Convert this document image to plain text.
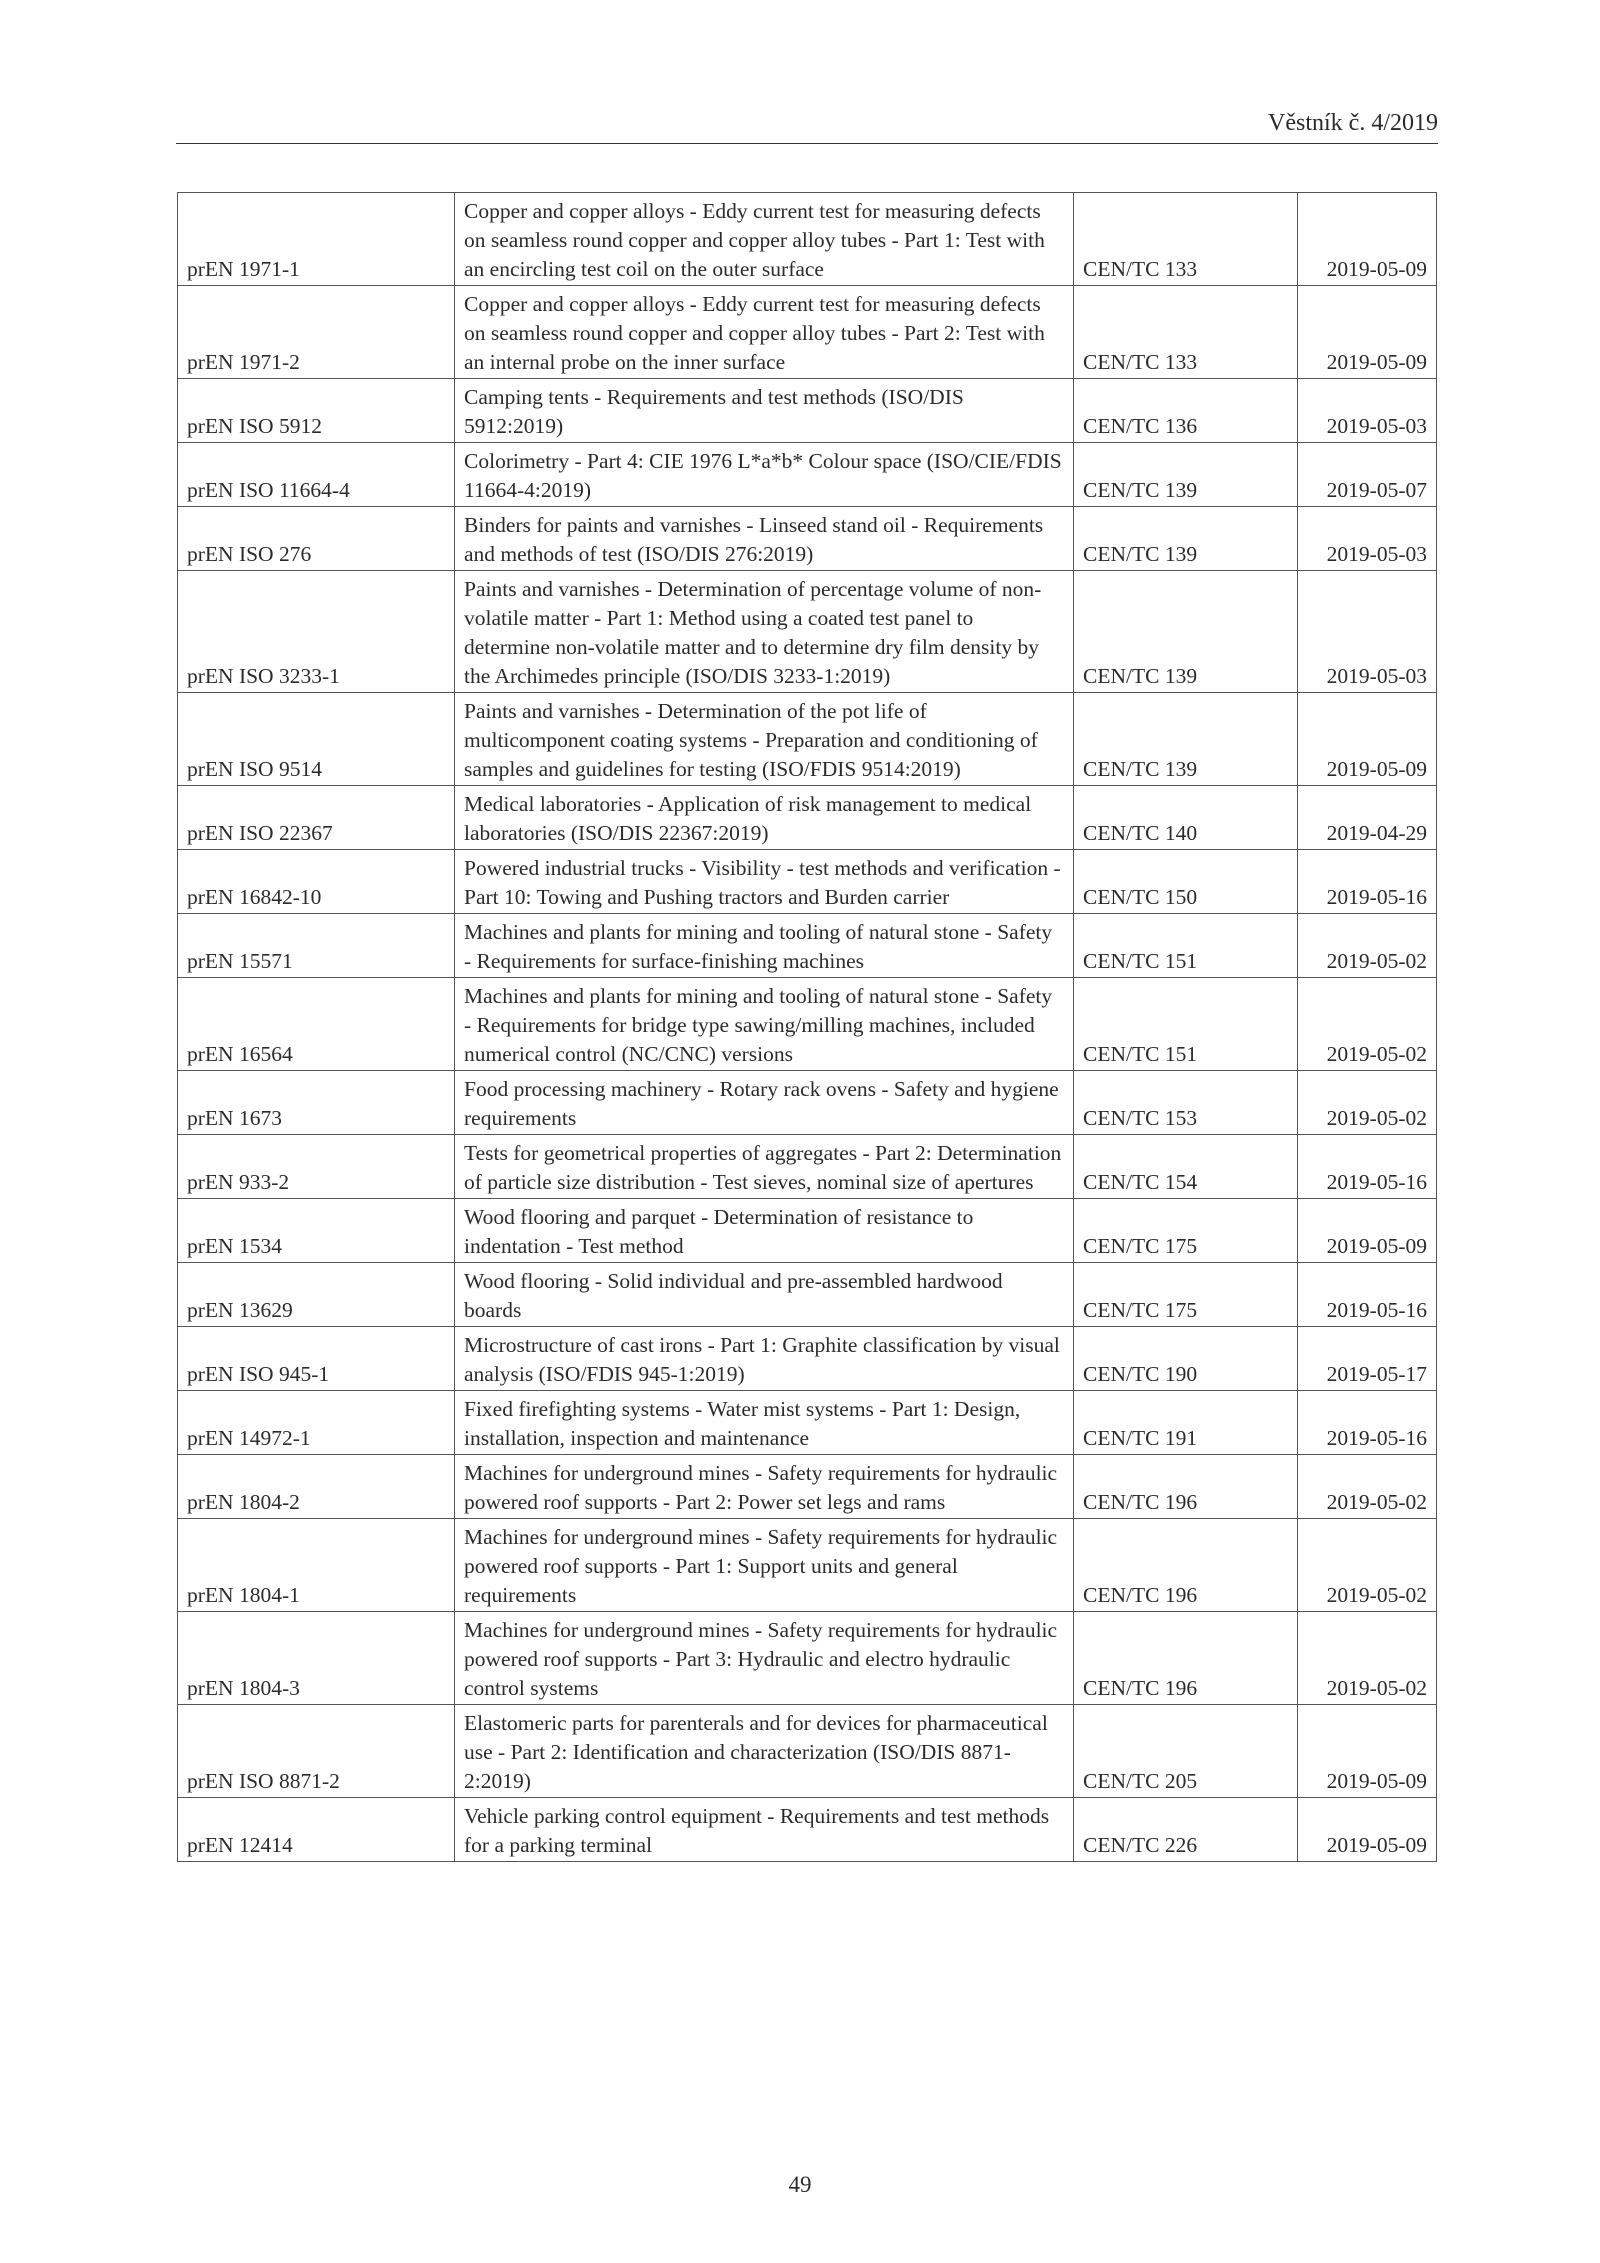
Věstník č. 4/2019
prEN 1971-1	Copper and copper alloys - Eddy current test for measuring defects on seamless round copper and copper alloy tubes - Part 1: Test with an encircling test coil on the outer surface	CEN/TC 133	2019-05-09
prEN 1971-2	Copper and copper alloys - Eddy current test for measuring defects on seamless round copper and copper alloy tubes - Part 2: Test with an internal probe on the inner surface	CEN/TC 133	2019-05-09
prEN ISO 5912	Camping tents - Requirements and test methods (ISO/DIS 5912:2019)	CEN/TC 136	2019-05-03
prEN ISO 11664-4	Colorimetry - Part 4: CIE 1976 L*a*b* Colour space (ISO/CIE/FDIS 11664-4:2019)	CEN/TC 139	2019-05-07
prEN ISO 276	Binders for paints and varnishes - Linseed stand oil - Requirements and methods of test (ISO/DIS 276:2019)	CEN/TC 139	2019-05-03
prEN ISO 3233-1	Paints and varnishes - Determination of percentage volume of non-volatile matter - Part 1: Method using a coated test panel to determine non-volatile matter and to determine dry film density by the Archimedes principle (ISO/DIS 3233-1:2019)	CEN/TC 139	2019-05-03
prEN ISO 9514	Paints and varnishes - Determination of the pot life of multicomponent coating systems - Preparation and conditioning of samples and guidelines for testing (ISO/FDIS 9514:2019)	CEN/TC 139	2019-05-09
prEN ISO 22367	Medical laboratories - Application of risk management to medical laboratories (ISO/DIS 22367:2019)	CEN/TC 140	2019-04-29
prEN 16842-10	Powered industrial trucks - Visibility - test methods and verification - Part 10: Towing and Pushing tractors and Burden carrier	CEN/TC 150	2019-05-16
prEN 15571	Machines and plants for mining and tooling of natural stone - Safety - Requirements for surface-finishing machines	CEN/TC 151	2019-05-02
prEN 16564	Machines and plants for mining and tooling of natural stone - Safety - Requirements for bridge type sawing/milling machines, included numerical control (NC/CNC) versions	CEN/TC 151	2019-05-02
prEN 1673	Food processing machinery - Rotary rack ovens - Safety and hygiene requirements	CEN/TC 153	2019-05-02
prEN 933-2	Tests for geometrical properties of aggregates - Part 2: Determination of particle size distribution - Test sieves, nominal size of apertures	CEN/TC 154	2019-05-16
prEN 1534	Wood flooring and parquet - Determination of resistance to indentation - Test method	CEN/TC 175	2019-05-09
prEN 13629	Wood flooring - Solid individual and pre-assembled hardwood boards	CEN/TC 175	2019-05-16
prEN ISO 945-1	Microstructure of cast irons - Part 1: Graphite classification by visual analysis (ISO/FDIS 945-1:2019)	CEN/TC 190	2019-05-17
prEN 14972-1	Fixed firefighting systems - Water mist systems - Part 1: Design, installation, inspection and maintenance	CEN/TC 191	2019-05-16
prEN 1804-2	Machines for underground mines - Safety requirements for hydraulic powered roof supports - Part 2: Power set legs and rams	CEN/TC 196	2019-05-02
prEN 1804-1	Machines for underground mines - Safety requirements for hydraulic powered roof supports - Part 1: Support units and general requirements	CEN/TC 196	2019-05-02
prEN 1804-3	Machines for underground mines - Safety requirements for hydraulic powered roof supports - Part 3: Hydraulic and electro hydraulic control systems	CEN/TC 196	2019-05-02
prEN ISO 8871-2	Elastomeric parts for parenterals and for devices for pharmaceutical use - Part 2: Identification and characterization (ISO/DIS 8871-2:2019)	CEN/TC 205	2019-05-09
prEN 12414	Vehicle parking control equipment - Requirements and test methods for a parking terminal	CEN/TC 226	2019-05-09
49
